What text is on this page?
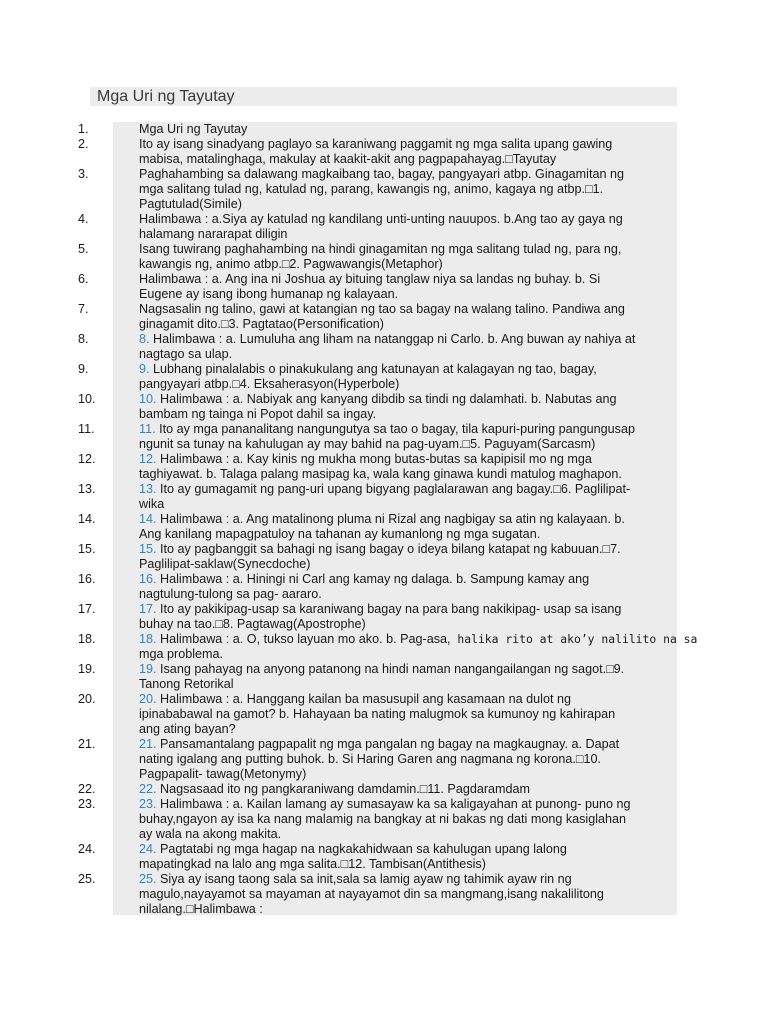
Mga Uri ng Tayutay
1.	Mga Uri ng Tayutay
2.	Ito ay isang sinadyang paglayo sa karaniwang paggamit ng mga salita upang gawing
mabisa, matalinghaga, makulay at kaakit-akit ang pagpapahayag.□Tayutay
3.	Paghahambing sa dalawang magkaibang tao, bagay, pangyayari atbp. Ginagamitan ng
mga salitang tulad ng, katulad ng, parang, kawangis ng, animo, kagaya ng atbp.□1.
Pagtutulad(Simile)
4.	Halimbawa : a.Siya ay katulad ng kandilang unti-unting nauupos. b.Ang tao ay gaya ng
halamang nararapat diligin
5.	Isang tuwirang paghahambing na hindi ginagamitan ng mga salitang tulad ng, para ng,
kawangis ng, animo atbp.□2. Pagwawangis(Metaphor)
6.	Halimbawa : a. Ang ina ni Joshua ay bituing tanglaw niya sa landas ng buhay. b. Si
Eugene ay isang ibong humanap ng kalayaan.
7.	Nagsasalin ng talino, gawi at katangian ng tao sa bagay na walang talino. Pandiwa ang
ginagamit dito.□3. Pagtatao(Personification)
8.	8. Halimbawa : a. Lumuluha ang liham na natanggap ni Carlo. b. Ang buwan ay nahiya at
nagtago sa ulap.
9.	9. Lubhang pinalalabis o pinakukulang ang katunayan at kalagayan ng tao, bagay,
pangyayari atbp.□4. Eksaherasyon(Hyperbole)
10.	10. Halimbawa : a. Nabiyak ang kanyang dibdib sa tindi ng dalamhati. b. Nabutas ang
bambam ng tainga ni Popot dahil sa ingay.
11.	11. Ito ay mga pananalitang nangungutya sa tao o bagay, tila kapuri-puring pangungusap
ngunit sa tunay na kahulugan ay may bahid na pag-uyam.□5. Paguyam(Sarcasm)
12.	12. Halimbawa : a. Kay kinis ng mukha mong butas-butas sa kapipisil mo ng mga
taghiyawat. b. Talaga palang masipag ka, wala kang ginawa kundi matulog maghapon.
13.	13. Ito ay gumagamit ng pang-uri upang bigyang paglalarawan ang bagay.□6. Paglilipat-
wika
14.	14. Halimbawa : a. Ang matalinong pluma ni Rizal ang nagbigay sa atin ng kalayaan. b.
Ang kanilang mapagpatuloy na tahanan ay kumanlong ng mga sugatan.
15.	15. Ito ay pagbanggit sa bahagi ng isang bagay o ideya bilang katapat ng kabuuan.□7.
Paglilipat-saklaw(Synecdoche)
16.	16. Halimbawa : a. Hiningi ni Carl ang kamay ng dalaga. b. Sampung kamay ang
nagtulung-tulong sa pag- aararo.
17.	17. Ito ay pakikipag-usap sa karaniwang bagay na para bang nakikipag- usap sa isang
buhay na tao.□8. Pagtawag(Apostrophe)
18.	18. Halimbawa : a. O, tukso layuan mo ako. b. Pag-asa, halika rito at ako’y nalilito na sa
mga problema.
19.	19. Isang pahayag na anyong patanong na hindi naman nangangailangan ng sagot.□9.
Tanong Retorikal
20.	20. Halimbawa : a. Hanggang kailan ba masusupil ang kasamaan na dulot ng
ipinababawal na gamot? b. Hahayaan ba nating malugmok sa kumunoy ng kahirapan
ang ating bayan?
21.	21. Pansamantalang pagpapalit ng mga pangalan ng bagay na magkaugnay. a. Dapat
nating igalang ang putting buhok. b. Si Haring Garen ang nagmana ng korona.□10.
Pagpapalit- tawag(Metonymy)
22.	22. Nagsasaad ito ng pangkaraniwang damdamin.□11. Pagdaramdam
23.	23. Halimbawa : a. Kailan lamang ay sumasayaw ka sa kaligayahan at punong- puno ng
buhay,ngayon ay isa ka nang malamig na bangkay at ni bakas ng dati mong kasiglahan
ay wala na akong makita.
24.	24. Pagtatabi ng mga hagap na nagkakahidwaan sa kahulugan upang lalong
mapatingkad na lalo ang mga salita.□12. Tambisan(Antithesis)
25.	25. Siya ay isang taong sala sa init,sala sa lamig ayaw ng tahimik ayaw rin ng
magulo,nayayamot sa mayaman at nayayamot din sa mangmang,isang nakalilitong
nilalang.□Halimbawa :
